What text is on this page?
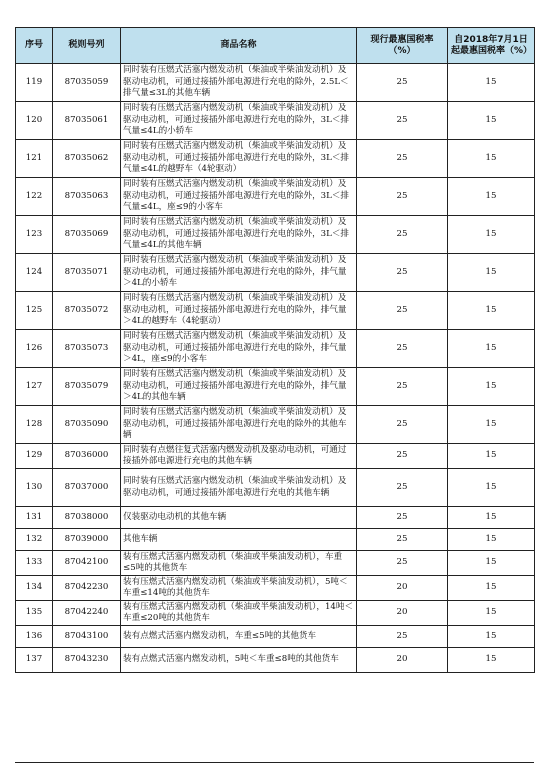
序号	税则号列	商品名称	现行最惠国税率（%）	自2018年7月1日起最惠国税率（%）
119	87035059	同时装有压燃式活塞内燃发动机（柴油或半柴油发动机）及驱动电动机，可通过接插外部电源进行充电的除外，2.5L＜排气量≤3L的其他车辆	25	15
120	87035061	同时装有压燃式活塞内燃发动机（柴油或半柴油发动机）及驱动电动机，可通过接插外部电源进行充电的除外，3L＜排气量≤4L的小轿车	25	15
121	87035062	同时装有压燃式活塞内燃发动机（柴油或半柴油发动机）及驱动电动机，可通过接插外部电源进行充电的除外，3L＜排气量≤4L的越野车（4轮驱动）	25	15
122	87035063	同时装有压燃式活塞内燃发动机（柴油或半柴油发动机）及驱动电动机，可通过接插外部电源进行充电的除外，3L＜排气量≤4L，座≤9的小客车	25	15
123	87035069	同时装有压燃式活塞内燃发动机（柴油或半柴油发动机）及驱动电动机，可通过接插外部电源进行充电的除外，3L＜排气量≤4L的其他车辆	25	15
124	87035071	同时装有压燃式活塞内燃发动机（柴油或半柴油发动机）及驱动电动机，可通过接插外部电源进行充电的除外，排气量＞4L的小轿车	25	15
125	87035072	同时装有压燃式活塞内燃发动机（柴油或半柴油发动机）及驱动电动机，可通过接插外部电源进行充电的除外，排气量＞4L的越野车（4轮驱动）	25	15
126	87035073	同时装有压燃式活塞内燃发动机（柴油或半柴油发动机）及驱动电动机，可通过接插外部电源进行充电的除外，排气量＞4L，座≤9的小客车	25	15
127	87035079	同时装有压燃式活塞内燃发动机（柴油或半柴油发动机）及驱动电动机，可通过接插外部电源进行充电的除外，排气量＞4L的其他车辆	25	15
128	87035090	同时装有压燃式活塞内燃发动机（柴油或半柴油发动机）及驱动电动机，可通过接插外部电源进行充电的除外的其他车辆	25	15
129	87036000	同时装有点燃往复式活塞内燃发动机及驱动电动机，可通过接插外部电源进行充电的其他车辆	25	15
130	87037000	同时装有压燃式活塞内燃发动机（柴油或半柴油发动机）及驱动电动机，可通过接插外部电源进行充电的其他车辆	25	15
131	87038000	仅装驱动电动机的其他车辆	25	15
132	87039000	其他车辆	25	15
133	87042100	装有压燃式活塞内燃发动机（柴油或半柴油发动机），车重≤5吨的其他货车	25	15
134	87042230	装有压燃式活塞内燃发动机（柴油或半柴油发动机），5吨＜车重≤14吨的其他货车	20	15
135	87042240	装有压燃式活塞内燃发动机（柴油或半柴油发动机），14吨＜车重≤20吨的其他货车	20	15
136	87043100	装有点燃式活塞内燃发动机，车重≤5吨的其他货车	25	15
137	87043230	装有点燃式活塞内燃发动机，5吨＜车重≤8吨的其他货车	20	15
